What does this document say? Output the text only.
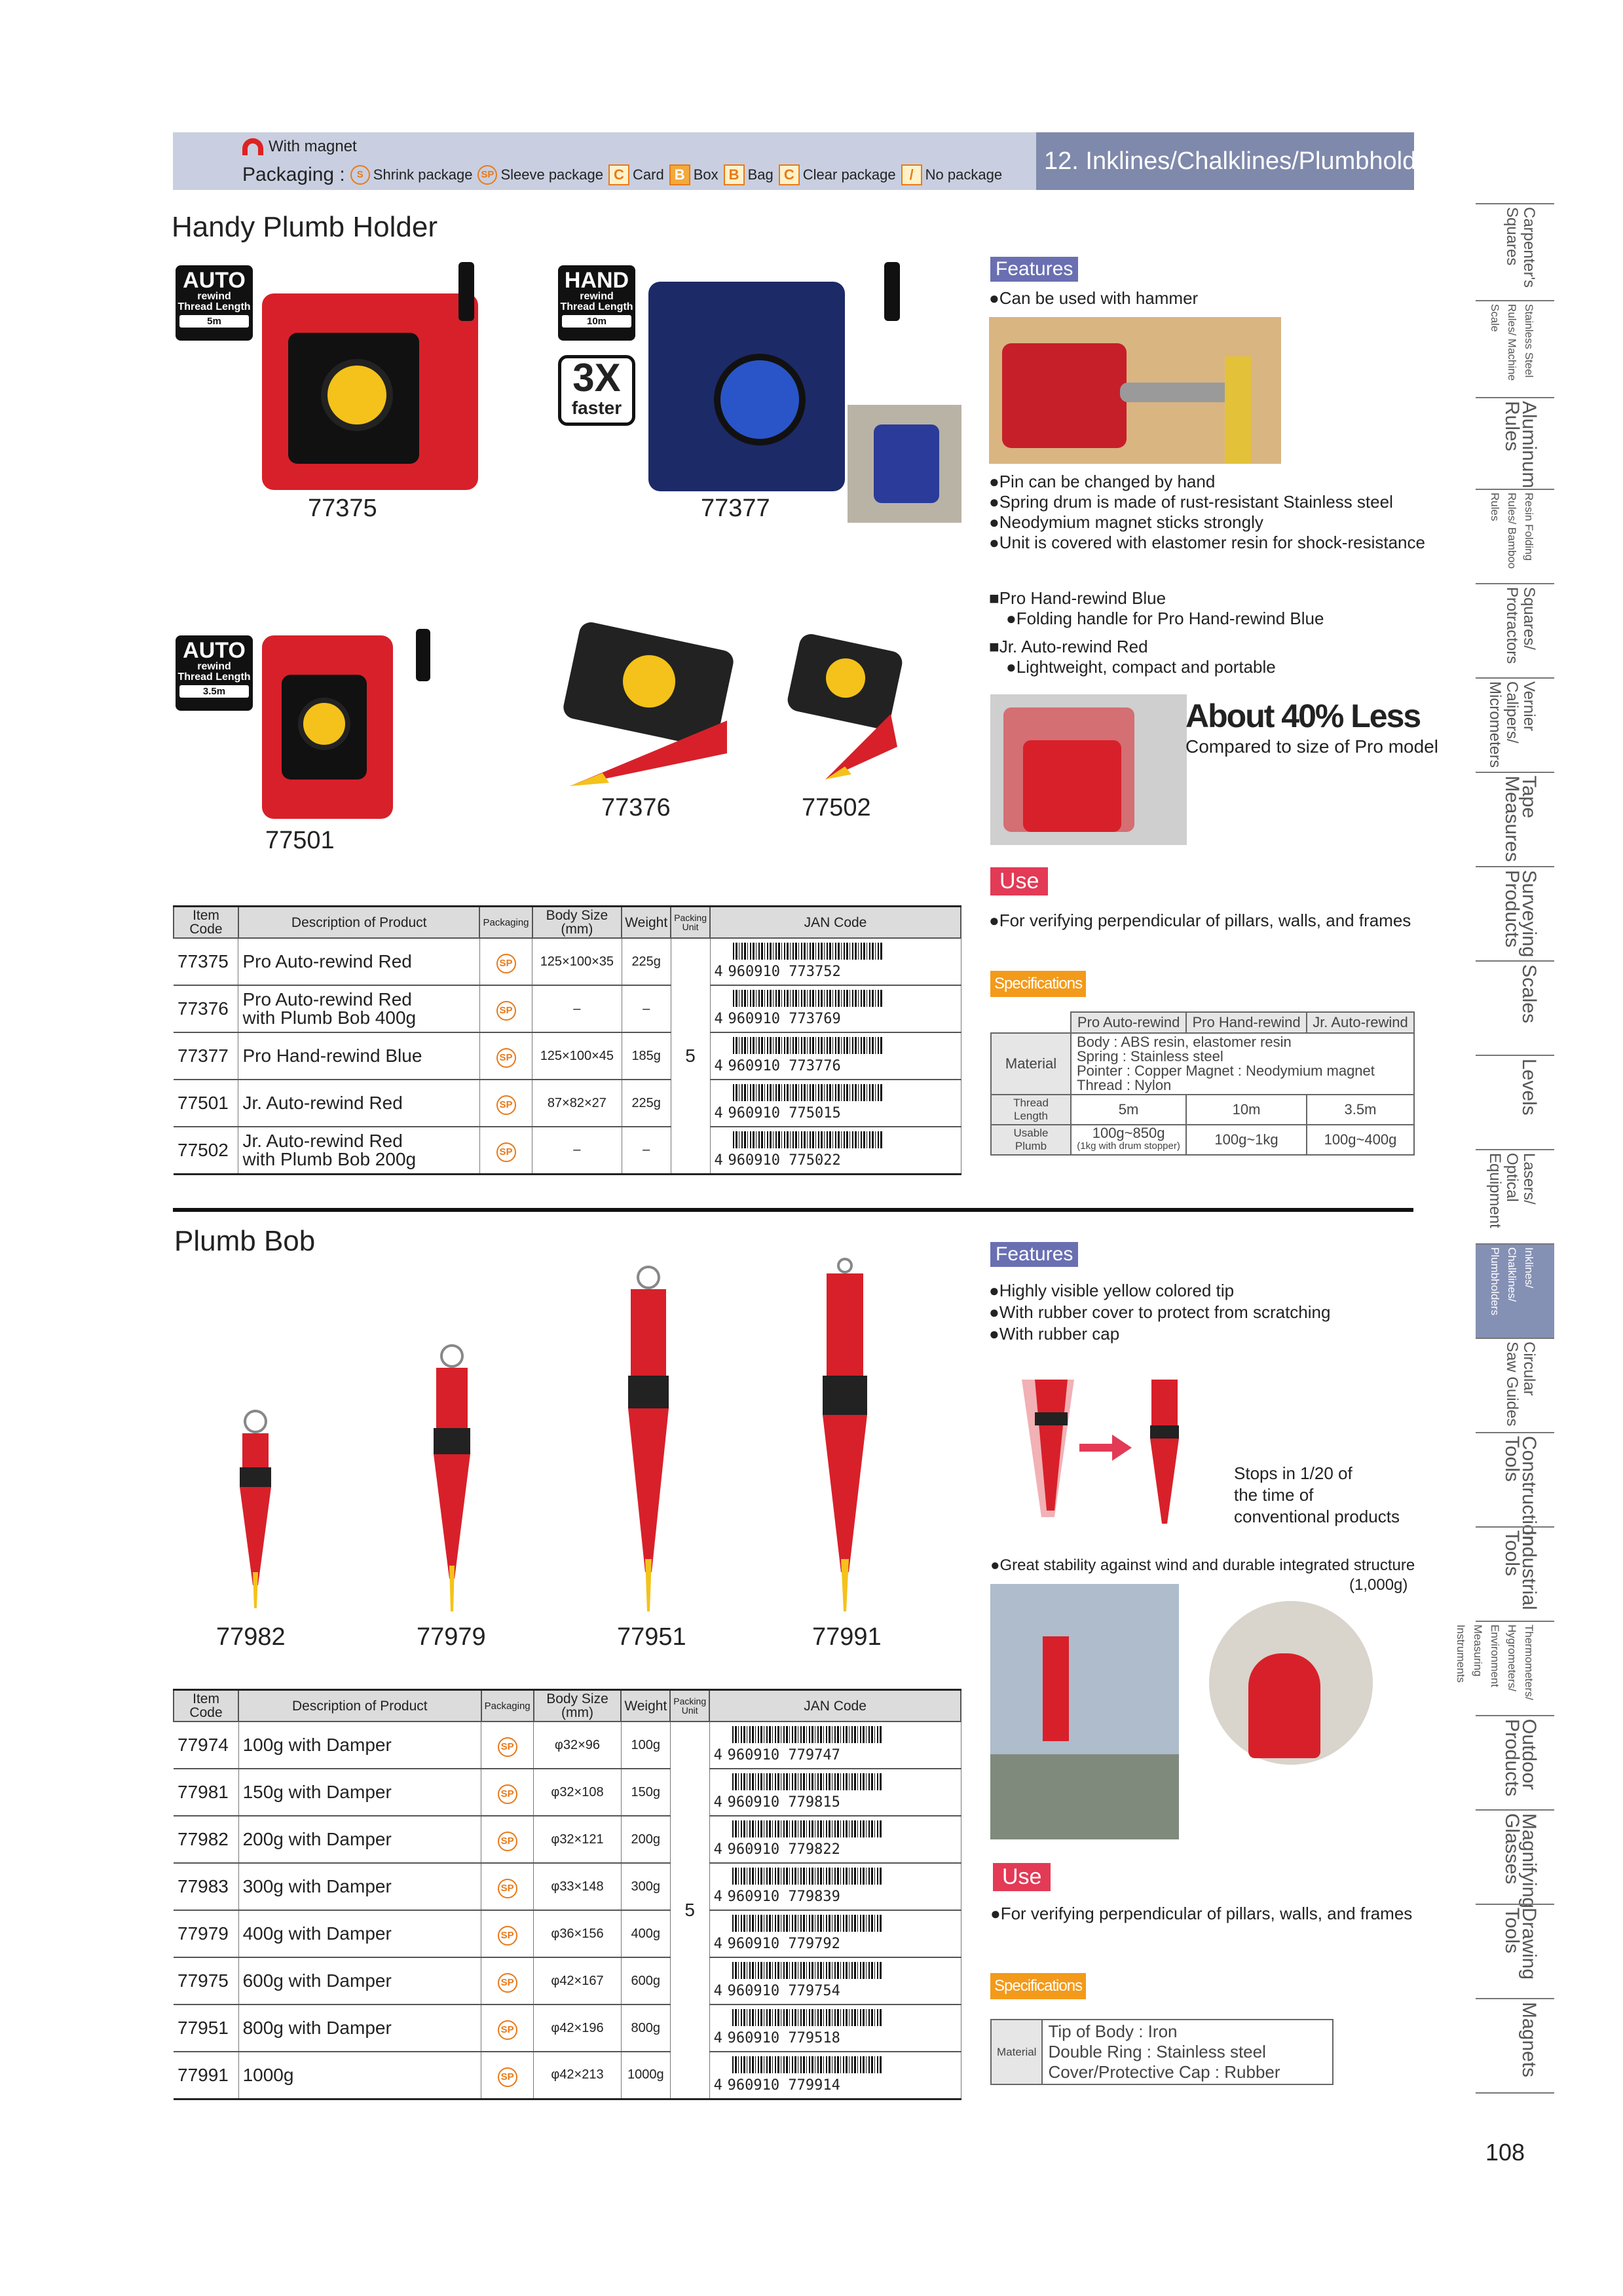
With magnet
Packaging :	S Shrink package SP Sleeve package C Card B Box B Bag C Clear package / No package	12. Inklines/Chalklines/Plumbholders
Handy Plumb Holder
AUTO
rewind
Thread Length
5m
77375
HAND
rewind
Thread Length
10m
3X
faster
77377
AUTO
rewind
Thread Length
3.5m
77501
77376	77502
Item Code	Description of Product	Packaging	Body Size (mm)	Weight	Packing Unit	JAN Code
77375	Pro Auto-rewind Red	SP	125×100×35	225g	5	4 960910 773752
77376	Pro Auto-rewind Red
with Plumb Bob 400g	SP	–	–		4 960910 773769
77377	Pro Hand-rewind Blue	SP	125×100×45	185g		4 960910 773776
77501	Jr. Auto-rewind Red	SP	87×82×27	225g		4 960910 775015
77502	Jr. Auto-rewind Red
with Plumb Bob 200g	SP	–	–		4 960910 775022
Features
●Can be used with hammer
●Pin can be changed by hand
●Spring drum is made of rust-resistant Stainless steel
●Neodymium magnet sticks strongly
●Unit is covered with elastomer resin for shock-resistance
■Pro Hand-rewind Blue
●Folding handle for Pro Hand-rewind Blue
■Jr. Auto-rewind Red
●Lightweight, compact and portable
About 40% Less
Compared to size of Pro model
Use
●For verifying perpendicular of pillars, walls, and frames
Specifications
	Pro Auto-rewind	Pro Hand-rewind	Jr. Auto-rewind
Material	Body : ABS resin, elastomer resin
Spring : Stainless steel
Pointer : Copper Magnet : Neodymium magnet
Thread : Nylon		

Thread Length	5m	10m	3.5m
Usable Plumb	100g~850g
(1kg with drum stopper)	100g~1kg	100g~400g
Plumb Bob
77982	77979	77951	77991
Item Code	Description of Product	Packaging	Body Size (mm)	Weight	Packing Unit	JAN Code
77974	100g with Damper	SP	φ32×96	100g	5	4 960910 779747
77981	150g with Damper	SP	φ32×108	150g		4 960910 779815
77982	200g with Damper	SP	φ32×121	200g		4 960910 779822
77983	300g with Damper	SP	φ33×148	300g		4 960910 779839
77979	400g with Damper	SP	φ36×156	400g		4 960910 779792
77975	600g with Damper	SP	φ42×167	600g		4 960910 779754
77951	800g with Damper	SP	φ42×196	800g		4 960910 779518
77991	1000g	SP	φ42×213	1000g		4 960910 779914
Features
●Highly visible yellow colored tip
●With rubber cover to protect from scratching
●With rubber cap
Stops in 1/20 of
the time of
conventional products
●Great stability against wind and durable integrated structure
(1,000g)
Use
●For verifying perpendicular of pillars, walls, and frames
Specifications
Material	
Tip of Body : Iron
Double Ring : Stainless steel
Cover/Protective Cap : Rubber
Carpenter's Squares
Stainless Steel Rules/ Machine Scale
Aluminum Rules
Resin Folding Rules/ Bamboo Rules
Squares/ Protractors
Vernier Calipers/ Micrometers
Tape Measures
Surveying Products
Scales
Levels
Lasers/ Optical Equipment
Inklines/ Chalklines/ Plumbholders
Circular Saw Guides
Construction Tools
Industrial Tools
Thermometers/ Hygrometers/ Environment Measuring Instruments
Outdoor Products
Magnifying Glasses
Drawing Tools
Magnets
108
